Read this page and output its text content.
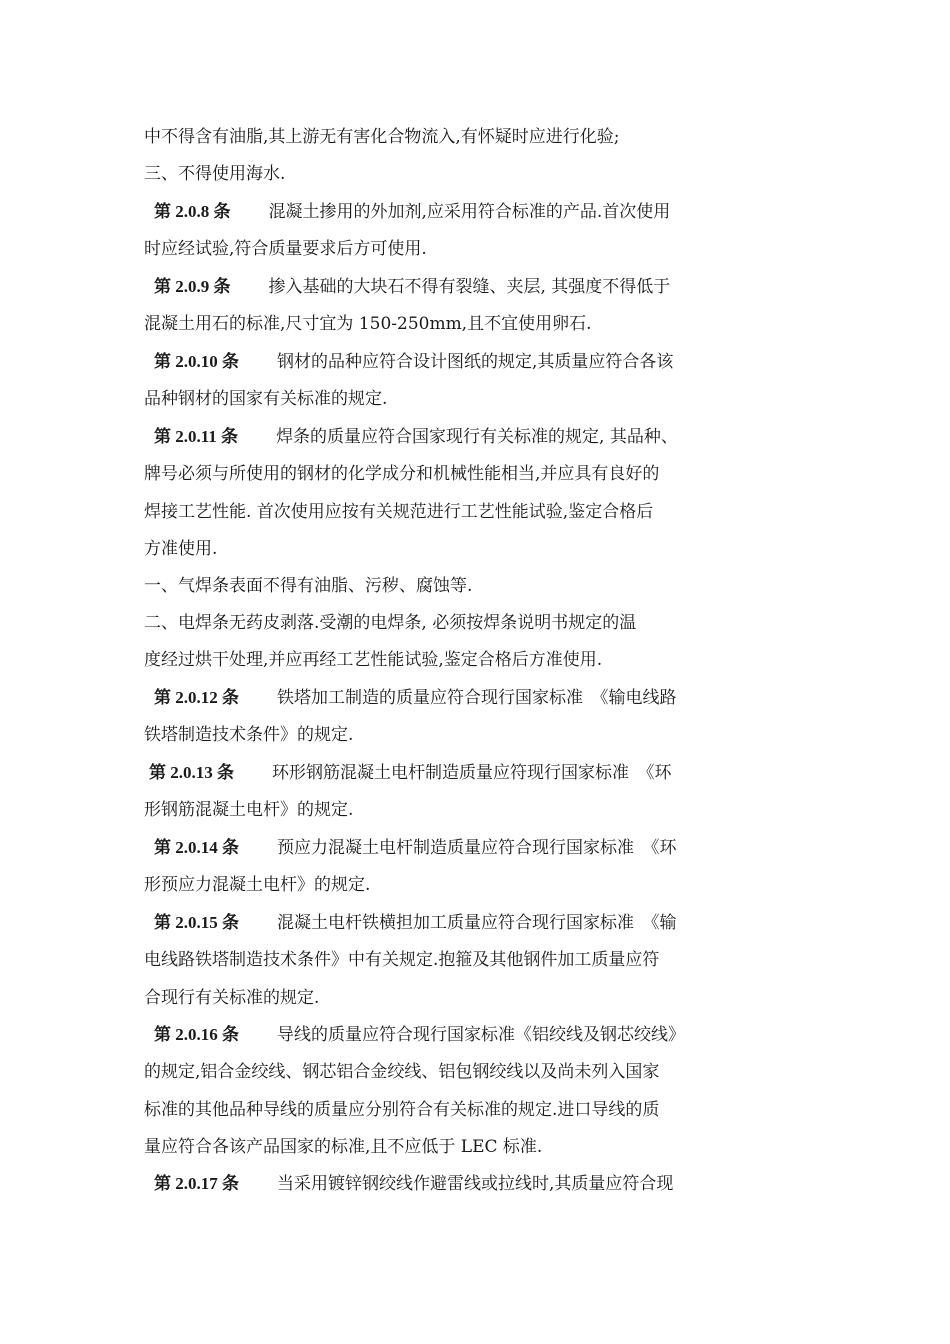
中不得含有油脂,其上游无有害化合物流入,有怀疑时应进行化验;
三、不得使用海水.
第 2.0.8 条 混凝土掺用的外加剂,应采用符合标准的产品.首次使用
时应经试验,符合质量要求后方可使用.
第 2.0.9 条 掺入基础的大块石不得有裂缝、夹层, 其强度不得低于
混凝土用石的标准,尺寸宜为 150-250mm,且不宜使用卵石.
第 2.0.10 条 钢材的品种应符合设计图纸的规定,其质量应符合各该
品种钢材的国家有关标准的规定.
第 2.0.11 条 焊条的质量应符合国家现行有关标准的规定, 其品种、
牌号必须与所使用的钢材的化学成分和机械性能相当,并应具有良好的
焊接工艺性能. 首次使用应按有关规范进行工艺性能试验,鉴定合格后
方准使用.
一、气焊条表面不得有油脂、污秽、腐蚀等.
二、电焊条无药皮剥落.受潮的电焊条, 必须按焊条说明书规定的温
度经过烘干处理,并应再经工艺性能试验,鉴定合格后方准使用.
第 2.0.12 条 铁塔加工制造的质量应符合现行国家标准　《输电线路
铁塔制造技术条件》的规定.
第 2.0.13 条 环形钢筋混凝土电杆制造质量应符现行国家标准　《环
形钢筋混凝土电杆》的规定.
第 2.0.14 条 预应力混凝土电杆制造质量应符合现行国家标准　《环
形预应力混凝土电杆》的规定.
第 2.0.15 条 混凝土电杆铁横担加工质量应符合现行国家标准　《输
电线路铁塔制造技术条件》中有关规定.抱箍及其他钢件加工质量应符
合现行有关标准的规定.
第 2.0.16 条 导线的质量应符合现行国家标准《铝绞线及钢芯绞线》
的规定,铝合金绞线、钢芯铝合金绞线、铝包钢绞线以及尚未列入国家
标准的其他品种导线的质量应分别符合有关标准的规定.进口导线的质
量应符合各该产品国家的标准,且不应低于 LEC 标准.
第 2.0.17 条 当采用镀锌钢绞线作避雷线或拉线时,其质量应符合现
